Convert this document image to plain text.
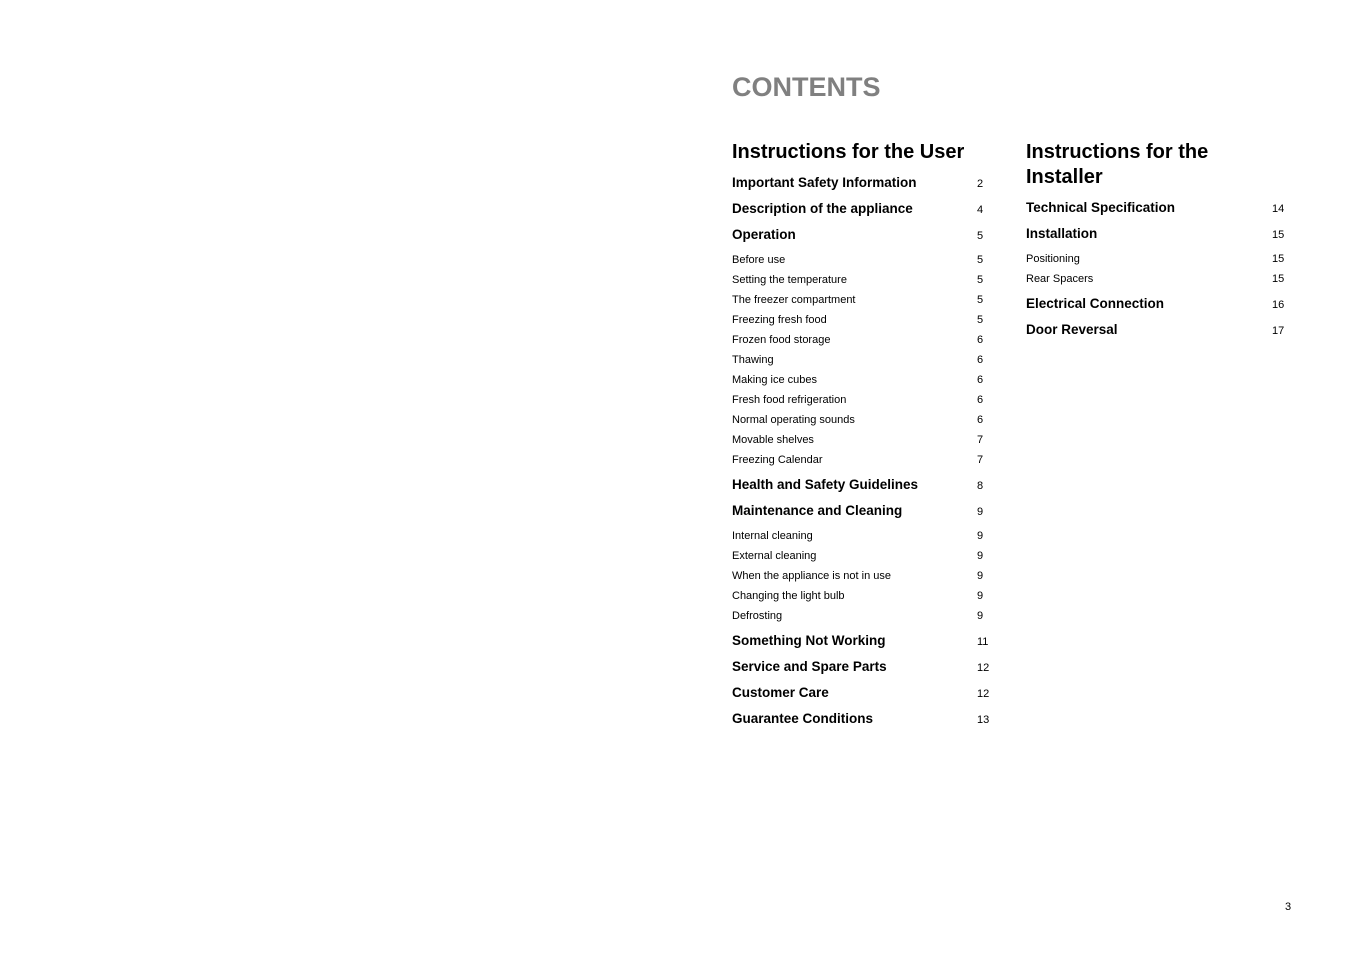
CONTENTS
Instructions for the User
Important Safety Information	2
Description of the appliance	4
Operation	5
Before use	5
Setting the temperature	5
The freezer compartment	5
Freezing fresh food	5
Frozen food storage	6
Thawing	6
Making ice cubes	6
Fresh food refrigeration	6
Normal operating sounds	6
Movable shelves	7
Freezing Calendar	7
Health and Safety Guidelines	8
Maintenance and Cleaning	9
Internal cleaning	9
External cleaning	9
When the appliance is not in use	9
Changing the light bulb	9
Defrosting	9
Something Not Working	11
Service and Spare Parts	12
Customer Care	12
Guarantee Conditions	13
Instructions for the
Installer
Technical Specification	14
Installation	15
Positioning	15
Rear Spacers	15
Electrical Connection	16
Door Reversal	17
3
